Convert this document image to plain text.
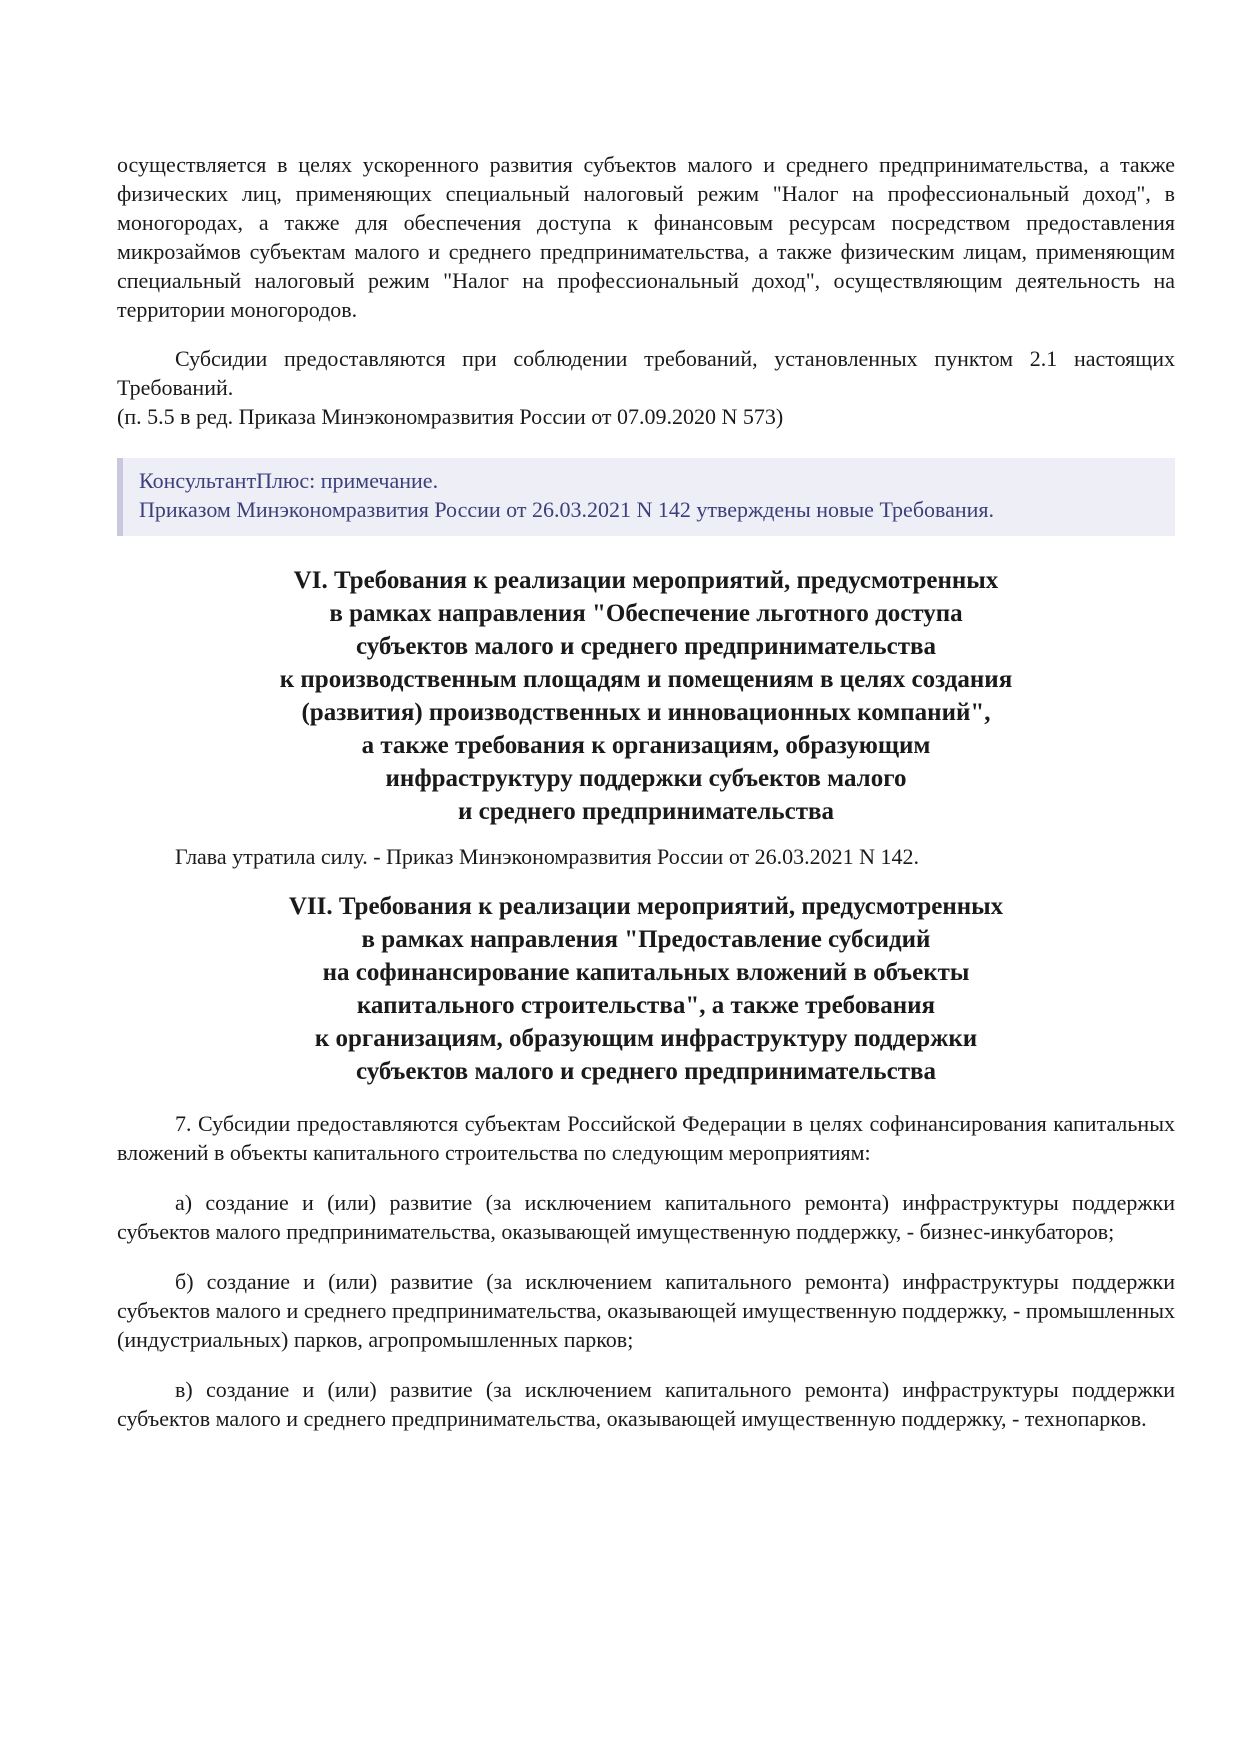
осуществляется в целях ускоренного развития субъектов малого и среднего предпринимательства, а также физических лиц, применяющих специальный налоговый режим "Налог на профессиональный доход", в моногородах, а также для обеспечения доступа к финансовым ресурсам посредством предоставления микрозаймов субъектам малого и среднего предпринимательства, а также физическим лицам, применяющим специальный налоговый режим "Налог на профессиональный доход", осуществляющим деятельность на территории моногородов.

Субсидии предоставляются при соблюдении требований, установленных пунктом 2.1 настоящих Требований.

(п. 5.5 в ред. Приказа Минэкономразвития России от 07.09.2020 N 573)

КонсультантПлюс: примечание.
Приказом Минэкономразвития России от 26.03.2021 N 142 утверждены новые Требования.
VI. Требования к реализации мероприятий, предусмотренных
в рамках направления "Обеспечение льготного доступа
субъектов малого и среднего предпринимательства
к производственным площадям и помещениям в целях создания
(развития) производственных и инновационных компаний",
а также требования к организациям, образующим
инфраструктуру поддержки субъектов малого
и среднего предпринимательства

Глава утратила силу. - Приказ Минэкономразвития России от 26.03.2021 N 142.

VII. Требования к реализации мероприятий, предусмотренных
в рамках направления "Предоставление субсидий
на софинансирование капитальных вложений в объекты
капитального строительства", а также требования
к организациям, образующим инфраструктуру поддержки
субъектов малого и среднего предпринимательства

7. Субсидии предоставляются субъектам Российской Федерации в целях софинансирования капитальных вложений в объекты капитального строительства по следующим мероприятиям:

а) создание и (или) развитие (за исключением капитального ремонта) инфраструктуры поддержки субъектов малого предпринимательства, оказывающей имущественную поддержку, - бизнес-инкубаторов;

б) создание и (или) развитие (за исключением капитального ремонта) инфраструктуры поддержки субъектов малого и среднего предпринимательства, оказывающей имущественную поддержку, - промышленных (индустриальных) парков, агропромышленных парков;

в) создание и (или) развитие (за исключением капитального ремонта) инфраструктуры поддержки субъектов малого и среднего предпринимательства, оказывающей имущественную поддержку, - технопарков.
